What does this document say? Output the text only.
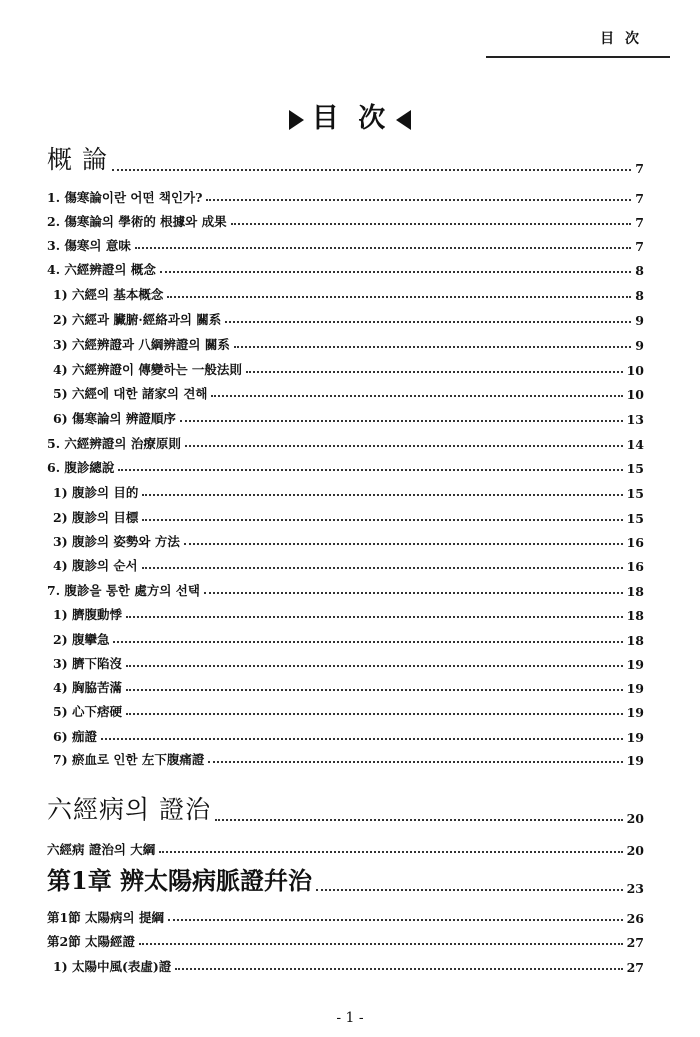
目 次
目 次
概 論	7
1. 傷寒論이란 어떤 책인가?	7
2. 傷寒論의 學術的 根據와 成果	7
3. 傷寒의 意味	7
4. 六經辨證의 概念	8
1) 六經의 基本概念	8
2) 六經과 臟腑·經絡과의 關系	9
3) 六經辨證과 八綱辨證의 關系	9
4) 六經辨證이 傳變하는 一般法則	10
5) 六經에 대한 諸家의 견해	10
6) 傷寒論의 辨證順序	13
5. 六經辨證의 治療原則	14
6. 腹診總說	15
1) 腹診의 目的	15
2) 腹診의 目標	15
3) 腹診의 姿勢와 方法	16
4) 腹診의 순서	16
7. 腹診을 통한 處方의 선택	18
1) 臍腹動悸	18
2) 腹攣急	18
3) 臍下陷沒	19
4) 胸脇苦滿	19
5) 心下痞硬	19
6) 痂證	19
7) 瘀血로 인한 左下腹痛證	19
六經病의 證治	20
六經病 證治의 大綱	20
第1章 辨太陽病脈證幷治	23
第1節 太陽病의 提綱	26
第2節 太陽經證	27
1) 太陽中風(表虛)證	27
- 1 -
